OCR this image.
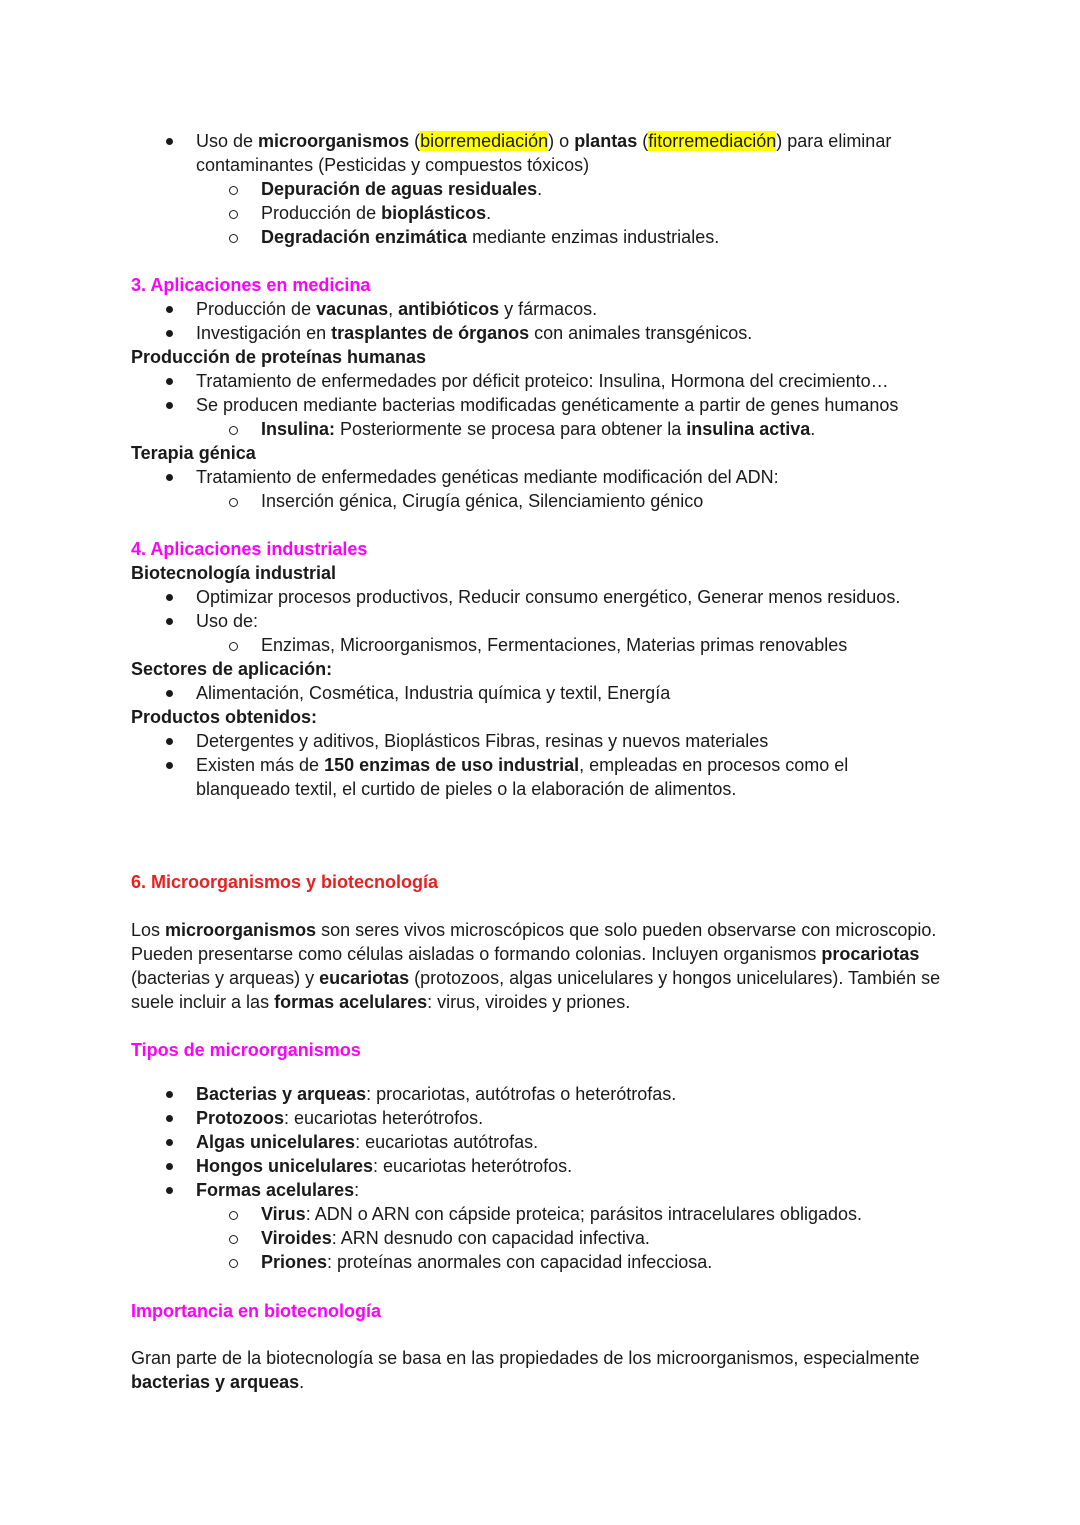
Uso de microorganismos (biorremediación) o plantas (fitorremediación) para eliminar
contaminantes (Pesticidas y compuestos tóxicos)
Depuración de aguas residuales.
Producción de bioplásticos.
Degradación enzimática mediante enzimas industriales.
3. Aplicaciones en medicina
Producción de vacunas, antibióticos y fármacos.
Investigación en trasplantes de órganos con animales transgénicos.
Producción de proteínas humanas
Tratamiento de enfermedades por déficit proteico: Insulina, Hormona del crecimiento…
Se producen mediante bacterias modificadas genéticamente a partir de genes humanos
Insulina: Posteriormente se procesa para obtener la insulina activa.
Terapia génica
Tratamiento de enfermedades genéticas mediante modificación del ADN:
Inserción génica, Cirugía génica, Silenciamiento génico
4. Aplicaciones industriales
Biotecnología industrial
Optimizar procesos productivos, Reducir consumo energético, Generar menos residuos.
Uso de:
Enzimas, Microorganismos, Fermentaciones, Materias primas renovables
Sectores de aplicación:
Alimentación, Cosmética, Industria química y textil, Energía
Productos obtenidos:
Detergentes y aditivos, Bioplásticos Fibras, resinas y nuevos materiales
Existen más de 150 enzimas de uso industrial, empleadas en procesos como el
blanqueado textil, el curtido de pieles o la elaboración de alimentos.
6. Microorganismos y biotecnología
Los microorganismos son seres vivos microscópicos que solo pueden observarse con microscopio.
Pueden presentarse como células aisladas o formando colonias. Incluyen organismos procariotas
(bacterias y arqueas) y eucariotas (protozoos, algas unicelulares y hongos unicelulares). También se
suele incluir a las formas acelulares: virus, viroides y priones.
Tipos de microorganismos
Bacterias y arqueas: procariotas, autótrofas o heterótrofas.
Protozoos: eucariotas heterótrofos.
Algas unicelulares: eucariotas autótrofas.
Hongos unicelulares: eucariotas heterótrofos.
Formas acelulares:
Virus: ADN o ARN con cápside proteica; parásitos intracelulares obligados.
Viroides: ARN desnudo con capacidad infectiva.
Priones: proteínas anormales con capacidad infecciosa.
Importancia en biotecnología
Gran parte de la biotecnología se basa en las propiedades de los microorganismos, especialmente
bacterias y arqueas.
